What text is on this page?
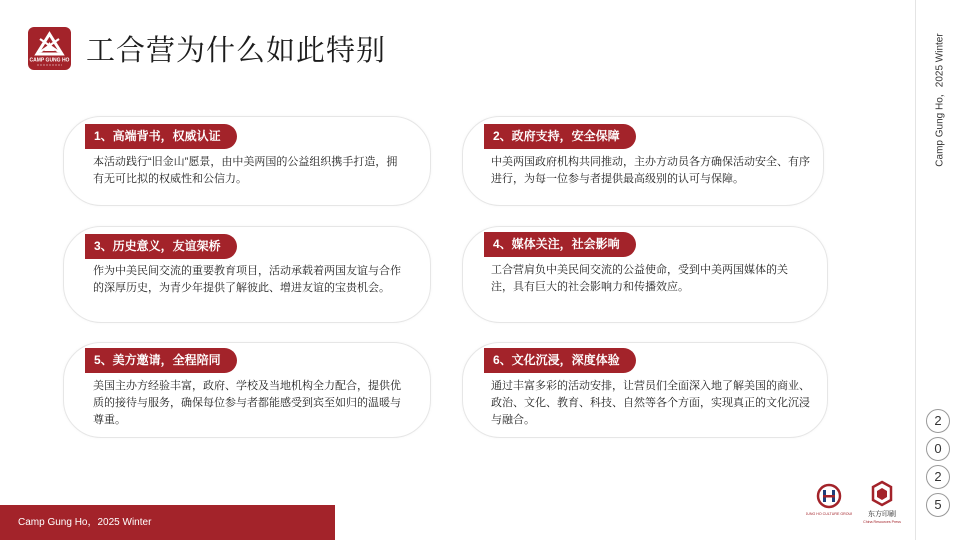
CAMP GUNG HO 工合营为什么如此特别	Camp Gung Ho，2025 Winter
2
0
2
5
1、高端背书，权威认证
本活动践行“旧金山”愿景，由中美两国的公益组织携手打造，拥有无可比拟的权威性和公信力。
2、政府支持，安全保障
中美两国政府机构共同推动，主办方动员各方确保活动安全、有序进行，为每一位参与者提供最高级别的认可与保障。
3、历史意义，友谊架桥
作为中美民间交流的重要教育项目，活动承载着两国友谊与合作的深厚历史，为青少年提供了解彼此、增进友谊的宝贵机会。
4、媒体关注，社会影响
工合营肩负中美民间交流的公益使命，受到中美两国媒体的关注，具有巨大的社会影响力和传播效应。
5、美方邀请，全程陪同
美国主办方经验丰富，政府、学校及当地机构全力配合，提供优质的接待与服务，确保每位参与者都能感受到宾至如归的温暖与尊重。
6、文化沉浸，深度体验
通过丰富多彩的活动安排，让营员们全面深入地了解美国的商业、政治、文化、教育、科技、自然等各个方面，实现真正的文化沉浸与融合。
Camp Gung Ho，2025 Winter
GUNG HO CULTURE GROUP 东方印刷
China Resources Press
